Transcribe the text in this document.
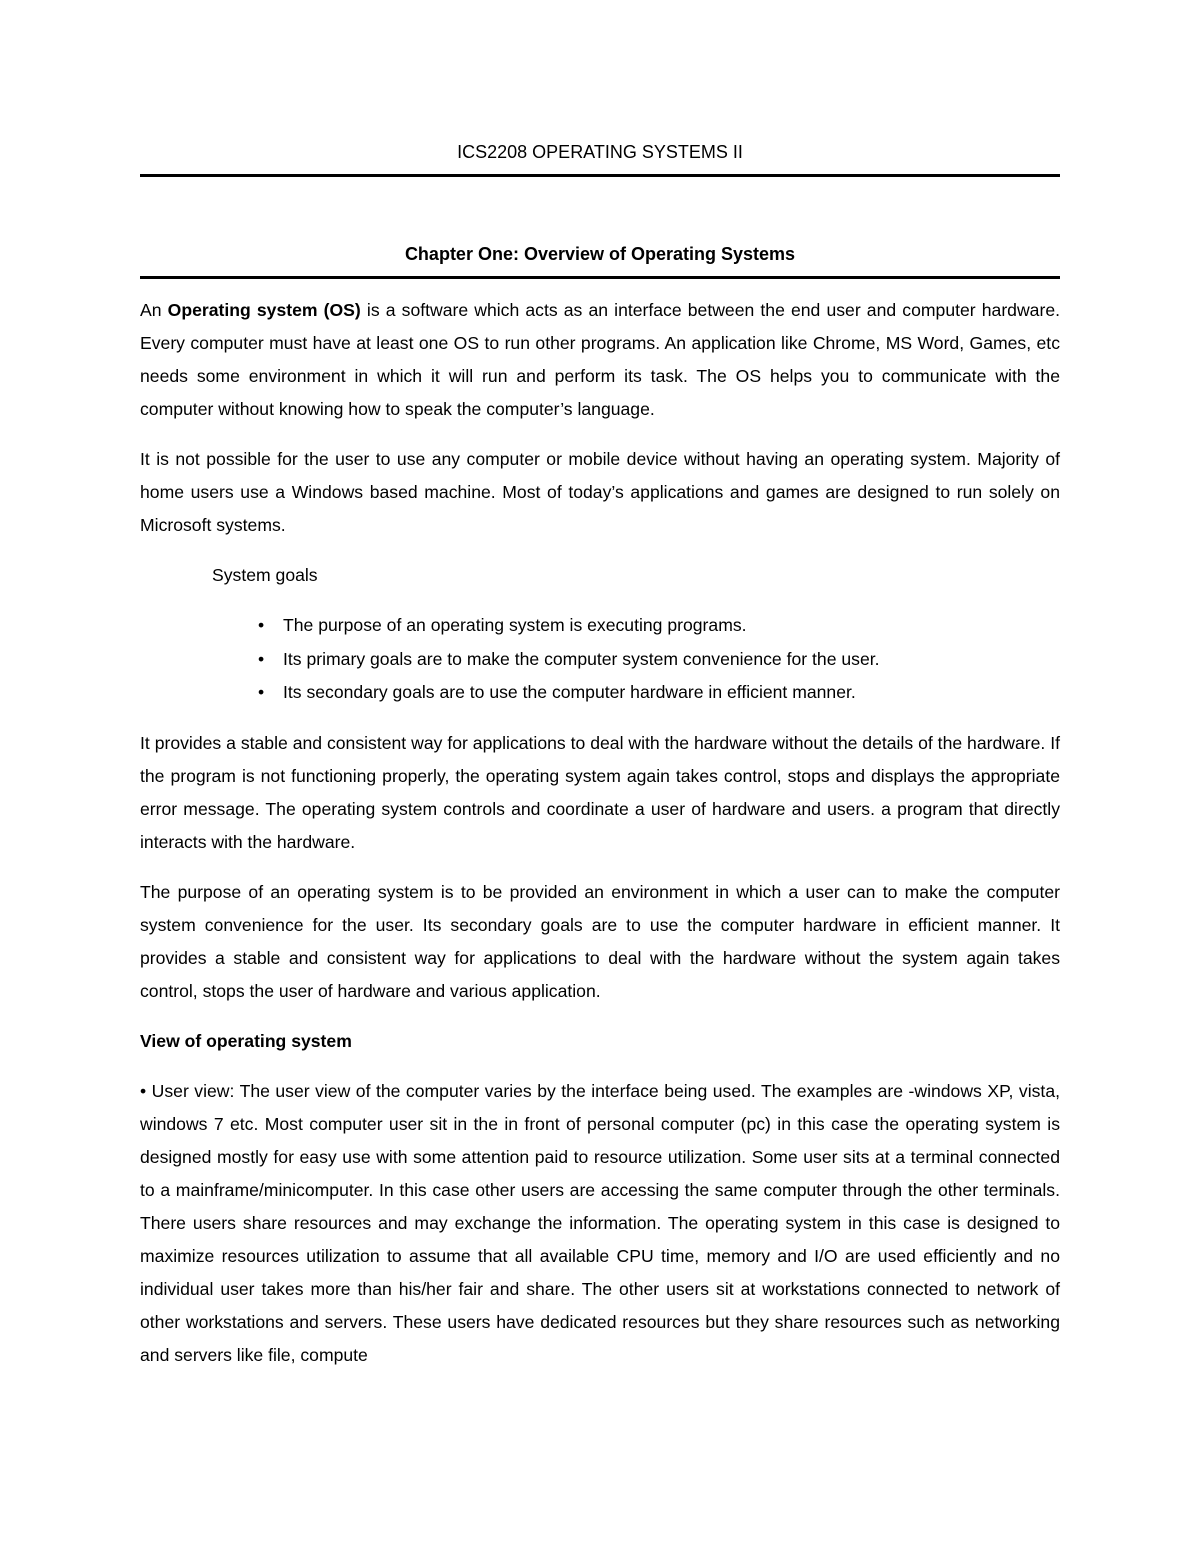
ICS2208 OPERATING SYSTEMS II
Chapter One: Overview of Operating Systems

An Operating system (OS) is a software which acts as an interface between the end user and computer hardware. Every computer must have at least one OS to run other programs. An application like Chrome, MS Word, Games, etc needs some environment in which it will run and perform its task. The OS helps you to communicate with the computer without knowing how to speak the computer’s language.

It is not possible for the user to use any computer or mobile device without having an operating system. Majority of home users use a Windows based machine. Most of today’s applications and games are designed to run solely on Microsoft systems.

System goals

• The purpose of an operating system is executing programs.
• Its primary goals are to make the computer system convenience for the user.
• Its secondary goals are to use the computer hardware in efficient manner.

It provides a stable and consistent way for applications to deal with the hardware without the details of the hardware. If the program is not functioning properly, the operating system again takes control, stops and displays the appropriate error message. The operating system controls and coordinate a user of hardware and users. a program that directly interacts with the hardware.

The purpose of an operating system is to be provided an environment in which a user can to make the computer system convenience for the user. Its secondary goals are to use the computer hardware in efficient manner. It provides a stable and consistent way for applications to deal with the hardware without the system again takes control, stops the user of hardware and various application.

View of operating system

• User view: The user view of the computer varies by the interface being used. The examples are -windows XP, vista, windows 7 etc. Most computer user sit in the in front of personal computer (pc) in this case the operating system is designed mostly for easy use with some attention paid to resource utilization. Some user sits at a terminal connected to a mainframe/minicomputer. In this case other users are accessing the same computer through the other terminals. There users share resources and may exchange the information. The operating system in this case is designed to maximize resources utilization to assume that all available CPU time, memory and I/O are used efficiently and no individual user takes more than his/her fair and share. The other users sit at workstations connected to network of other workstations and servers. These users have dedicated resources but they share resources such as networking and servers like file, compute
